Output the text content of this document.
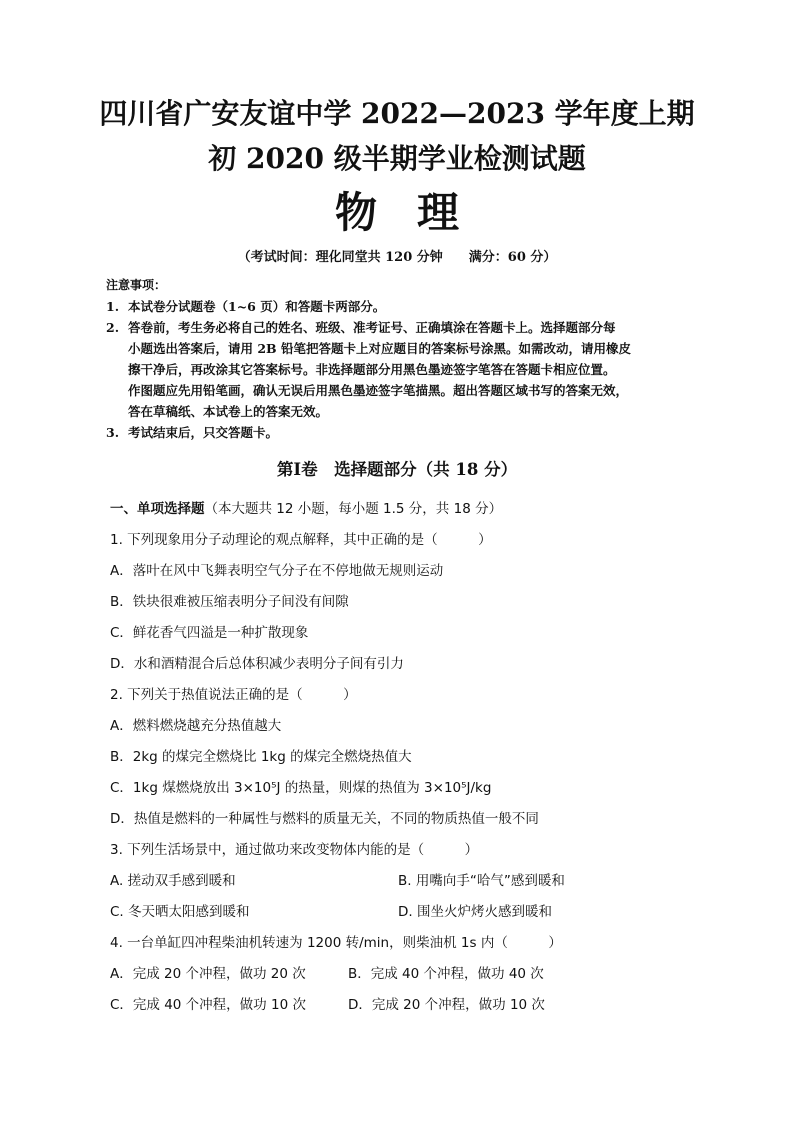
四川省广安友谊中学 2022—2023 学年度上期
初 2020 级半期学业检测试题
物理
（考试时间：理化同堂共 120 分钟　　满分：60 分）
注意事项：
1. 本试卷分试题卷（1~6 页）和答题卡两部分。
2. 答卷前，考生务必将自己的姓名、班级、准考证号、正确填涂在答题卡上。选择题部分每
小题选出答案后，请用 2B 铅笔把答题卡上对应题目的答案标号涂黑。如需改动，请用橡皮
擦干净后，再改涂其它答案标号。非选择题部分用黑色墨迹签字笔答在答题卡相应位置。
作图题应先用铅笔画，确认无误后用黑色墨迹签字笔描黑。超出答题区域书写的答案无效，
答在草稿纸、本试卷上的答案无效。
3. 考试结束后，只交答题卡。
第Ⅰ卷　选择题部分（共 18 分）
一、单项选择题（本大题共 12 小题，每小题 1.5 分，共 18 分）
1. 下列现象用分子动理论的观点解释，其中正确的是（　　　）
A．落叶在风中飞舞表明空气分子在不停地做无规则运动
B．铁块很难被压缩表明分子间没有间隙
C．鲜花香气四溢是一种扩散现象
D．水和酒精混合后总体积减少表明分子间有引力
2. 下列关于热值说法正确的是（　　　）
A．燃料燃烧越充分热值越大
B．2kg 的煤完全燃烧比 1kg 的煤完全燃烧热值大
C．1kg 煤燃烧放出 3×10⁵J 的热量，则煤的热值为 3×10⁵J/kg
D．热值是燃料的一种属性与燃料的质量无关，不同的物质热值一般不同
3. 下列生活场景中，通过做功来改变物体内能的是（　　　）
A. 搓动双手感到暖和	B. 用嘴向手“哈气”感到暖和
C. 冬天晒太阳感到暖和	D. 围坐火炉烤火感到暖和
4. 一台单缸四冲程柴油机转速为 1200 转/min，则柴油机 1s 内（　　　）
A．完成 20 个冲程，做功 20 次	B．完成 40 个冲程，做功 40 次
C．完成 40 个冲程，做功 10 次	D．完成 20 个冲程，做功 10 次
